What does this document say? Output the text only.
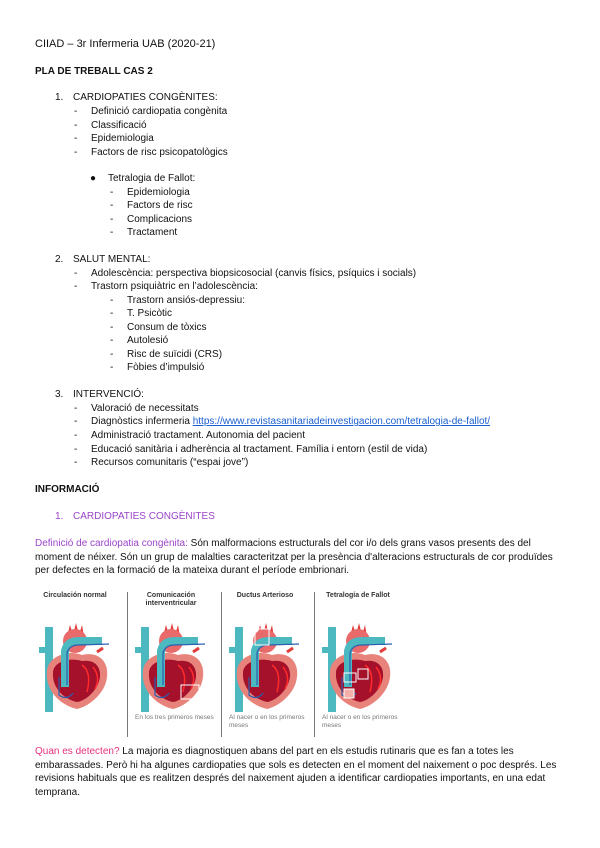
CIIAD – 3r Infermeria UAB (2020-21)
PLA DE TREBALL CAS 2
1. CARDIOPATIES CONGÈNITES:
- Definició cardiopatia congènita
- Classificació
- Epidemiologia
- Factors de risc psicopatològics
● Tetralogia de Fallot:
- Epidemiologia
- Factors de risc
- Complicacions
- Tractament
2. SALUT MENTAL:
- Adolescència: perspectiva biopsicosocial (canvis físics, psíquics i socials)
- Trastorn psiquiàtric en l’adolescència:
- Trastorn ansiós-depressiu:
- T. Psicòtic
- Consum de tòxics
- Autolesió
- Risc de suïcidi (CRS)
- Fòbies d’impulsió
3. INTERVENCIÓ:
- Valoració de necessitats
- Diagnòstics infermeria https://www.revistasanitariadeinvestigacion.com/tetralogia-de-fallot/
- Administració tractament. Autonomia del pacient
- Educació sanitària i adherència al tractament. Família i entorn (estil de vida)
- Recursos comunitaris (“espai jove”)
INFORMACIÓ
1. CARDIOPATIES CONGÈNITES
Definició de cardiopatia congènita: Són malformacions estructurals del cor i/o dels grans vasos presents des del moment de néixer. Són un grup de malalties caracteritzat per la presència d'alteracions estructurals de cor produïdes per defectes en la formació de la mateixa durant el període embrionari.
Circulación normal	Comunicación interventricular
En los tres primeros meses
Ductus Arterioso
Al nacer o en los primeros meses
Tetralogía de Fallot
Al nacer o en los primeros meses
Quan es detecten? La majoria es diagnostiquen abans del part en els estudis rutinaris que es fan a totes les embarassades. Però hi ha algunes cardiopaties que sols es detecten en el moment del naixement o poc després. Les revisions habituals que es realitzen després del naixement ajuden a identificar cardiopaties importants, en una edat temprana.
